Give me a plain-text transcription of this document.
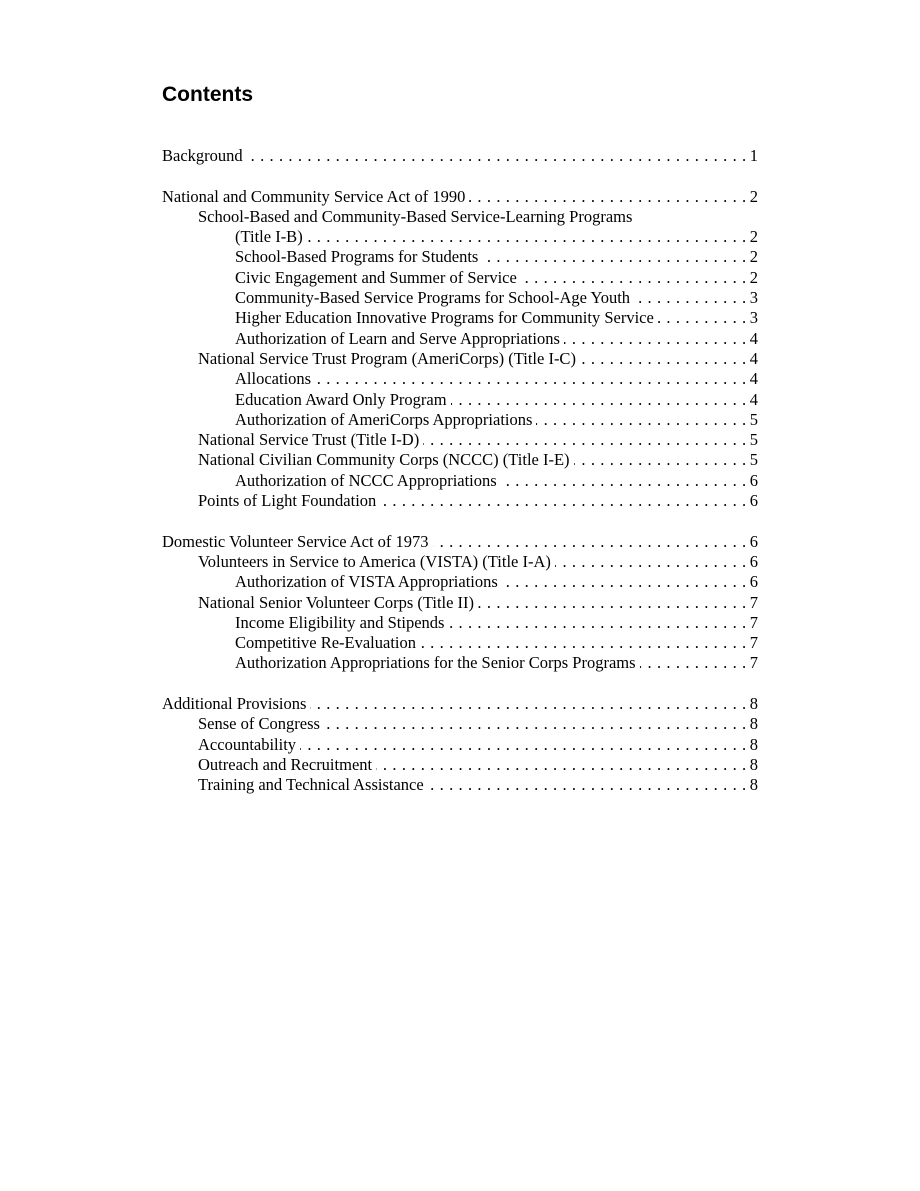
Contents
Background . . .	1
National and Community Service Act of 1990 . . .	2
School-Based and Community-Based Service-Learning Programs
(Title I-B) . . .	2
School-Based Programs for Students . . .	2
Civic Engagement and Summer of Service . . .	2
Community-Based Service Programs for School-Age Youth . . .	3
Higher Education Innovative Programs for Community Service . . .	3
Authorization of Learn and Serve Appropriations . . .	4
National Service Trust Program (AmeriCorps) (Title I-C) . . .	4
Allocations . . .	4
Education Award Only Program . . .	4
Authorization of AmeriCorps Appropriations . . .	5
National Service Trust (Title I-D) . . .	5
National Civilian Community Corps (NCCC) (Title I-E) . . .	5
Authorization of NCCC Appropriations . . .	6
Points of Light Foundation . . .	6
Domestic Volunteer Service Act of 1973 . . .	6
Volunteers in Service to America (VISTA) (Title I-A) . . .	6
Authorization of VISTA Appropriations . . .	6
National Senior Volunteer Corps (Title II) . . .	7
Income Eligibility and Stipends . . .	7
Competitive Re-Evaluation . . .	7
Authorization Appropriations for the Senior Corps Programs . . .	7
Additional Provisions . . .	8
Sense of Congress . . .	8
Accountability . . .	8
Outreach and Recruitment . . .	8
Training and Technical Assistance . . .	8
